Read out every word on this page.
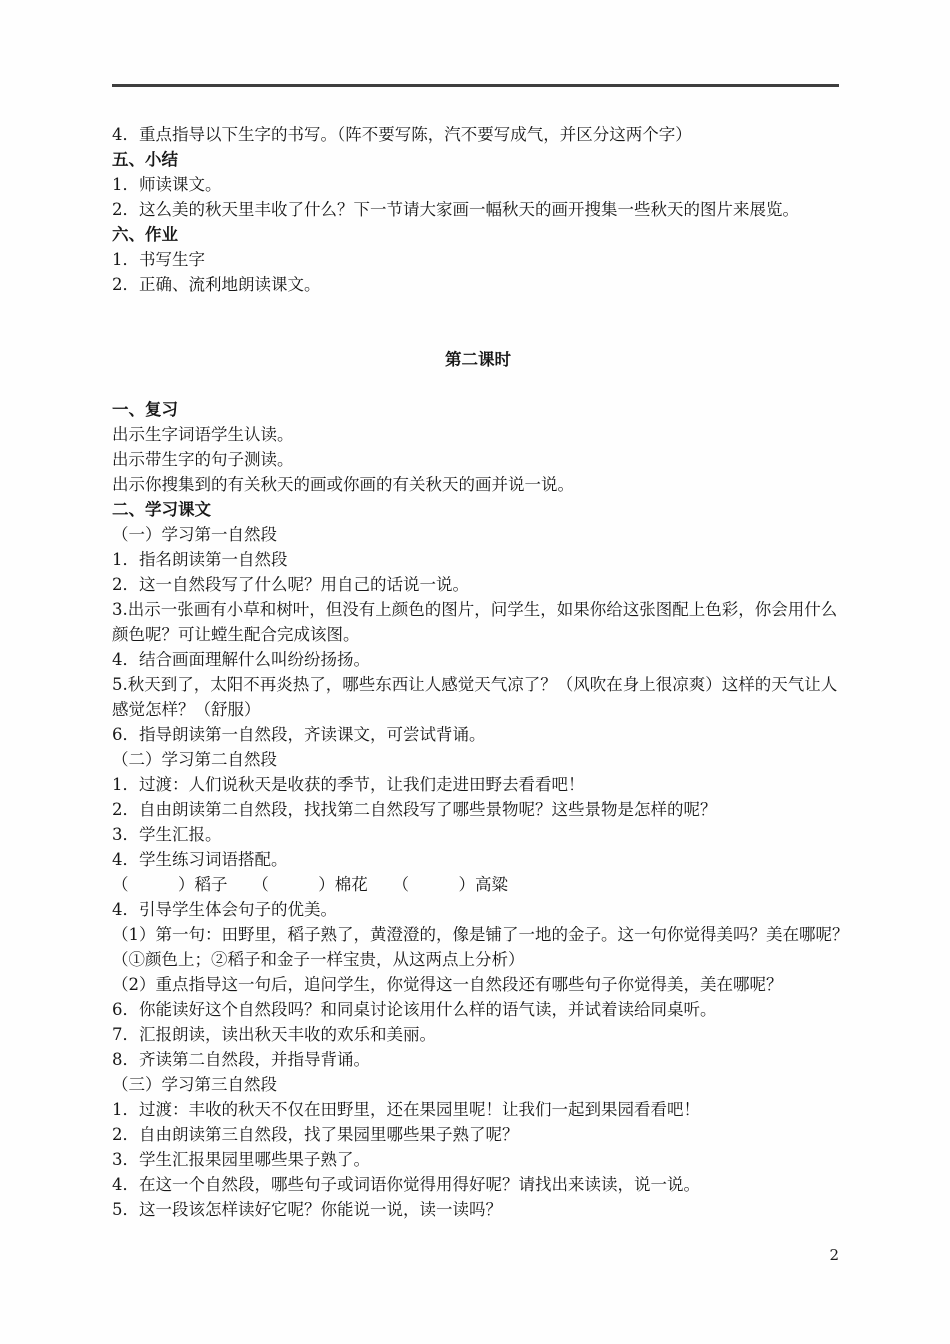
4．重点指导以下生字的书写。（阵不要写陈，汽不要写成气，并区分这两个字）
五、小结
1．师读课文。
2．这么美的秋天里丰收了什么？下一节请大家画一幅秋天的画开搜集一些秋天的图片来展览。
六、作业
1．书写生字
2．正确、流利地朗读课文。
第二课时
一、复习
出示生字词语学生认读。
出示带生字的句子测读。
出示你搜集到的有关秋天的画或你画的有关秋天的画并说一说。
二、学习课文
（一）学习第一自然段
1．指名朗读第一自然段
2．这一自然段写了什么呢？用自己的话说一说。
3.出示一张画有小草和树叶，但没有上颜色的图片，问学生，如果你给这张图配上色彩，你会用什么
颜色呢？可让螳生配合完成该图。
4．结合画面理解什么叫纷纷扬扬。
5.秋天到了，太阳不再炎热了，哪些东西让人感觉天气凉了？（风吹在身上很凉爽）这样的天气让人
感觉怎样？（舒服）
6．指导朗读第一自然段，齐读课文，可尝试背诵。
（二）学习第二自然段
1．过渡：人们说秋天是收获的季节，让我们走进田野去看看吧！
2．自由朗读第二自然段，找找第二自然段写了哪些景物呢？这些景物是怎样的呢？
3．学生汇报。
4．学生练习词语搭配。
（　　　）稻子　　（　　　）棉花　　（　　　）高粱
4．引导学生体会句子的优美。
（1）第一句：田野里，稻子熟了，黄澄澄的，像是铺了一地的金子。这一句你觉得美吗？美在哪呢？
（①颜色上；②稻子和金子一样宝贵，从这两点上分析）
（2）重点指导这一句后，追问学生，你觉得这一自然段还有哪些句子你觉得美，美在哪呢？
6．你能读好这个自然段吗？和同桌讨论该用什么样的语气读，并试着读给同桌听。
7．汇报朗读，读出秋天丰收的欢乐和美丽。
8．齐读第二自然段，并指导背诵。
（三）学习第三自然段
1．过渡：丰收的秋天不仅在田野里，还在果园里呢！让我们一起到果园看看吧！
2．自由朗读第三自然段，找了果园里哪些果子熟了呢？
3．学生汇报果园里哪些果子熟了。
4．在这一个自然段，哪些句子或词语你觉得用得好呢？请找出来读读，说一说。
5．这一段该怎样读好它呢？你能说一说，读一读吗？
2
